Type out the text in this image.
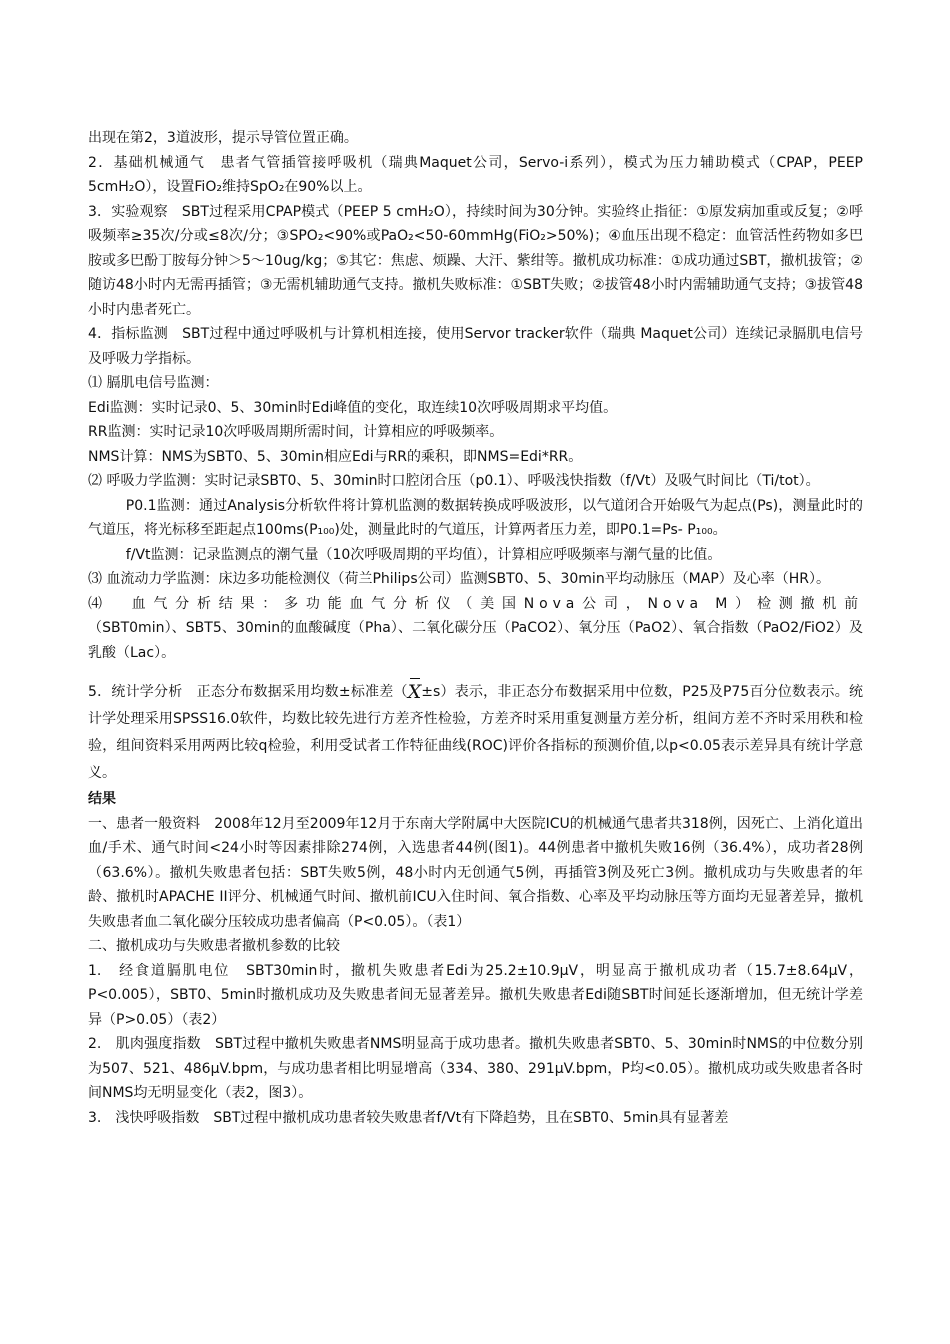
出现在第2，3道波形，提示导管位置正确。

2．基础机械通气　患者气管插管接呼吸机（瑞典Maquet公司，Servo-i系列），模式为压力辅助模式（CPAP，PEEP 5cmH₂O），设置FiO₂维持SpO₂在90%以上。

3．实验观察　SBT过程采用CPAP模式（PEEP 5 cmH₂O），持续时间为30分钟。实验终止指征：①原发病加重或反复；②呼吸频率≥35次/分或≤8次/分；③SPO₂<90%或PaO₂<50-60mmHg(FiO₂>50%)；④血压出现不稳定：血管活性药物如多巴胺或多巴酚丁胺每分钟＞5～10ug/kg；⑤其它：焦虑、烦躁、大汗、紫绀等。撤机成功标准：①成功通过SBT，撤机拔管；②随访48小时内无需再插管；③无需机辅助通气支持。撤机失败标准：①SBT失败；②拔管48小时内需辅助通气支持；③拔管48小时内患者死亡。

4．指标监测　SBT过程中通过呼吸机与计算机相连接，使用Servor tracker软件（瑞典 Maquet公司）连续记录膈肌电信号及呼吸力学指标。

⑴ 膈肌电信号监测：

Edi监测：实时记录0、5、30min时Edi峰值的变化，取连续10次呼吸周期求平均值。

RR监测：实时记录10次呼吸周期所需时间，计算相应的呼吸频率。

NMS计算：NMS为SBT0、5、30min相应Edi与RR的乘积，即NMS=Edi*RR。

⑵ 呼吸力学监测：实时记录SBT0、5、30min时口腔闭合压（p0.1）、呼吸浅快指数（f/Vt）及吸气时间比（Ti/tot）。

P0.1监测：通过Analysis分析软件将计算机监测的数据转换成呼吸波形，以气道闭合开始吸气为起点(Ps)，测量此时的气道压，将光标移至距起点100ms(P₁₀₀)处，测量此时的气道压，计算两者压力差，即P0.1=Ps- P₁₀₀。

f/Vt监测：记录监测点的潮气量（10次呼吸周期的平均值），计算相应呼吸频率与潮气量的比值。

⑶ 血流动力学监测：床边多功能检测仪（荷兰Philips公司）监测SBT0、5、30min平均动脉压（MAP）及心率（HR）。

⑷　血气分析结果：多功能血气分析仪（美国Nova公司，Nova M）检测撤机前（SBT0min）、SBT5、30min的血酸碱度（Pha）、二氧化碳分压（PaCO2）、氧分压（PaO2）、氧合指数（PaO2/FiO2）及乳酸（Lac）。

5．统计学分析　正态分布数据采用均数±标准差（X±s）表示，非正态分布数据采用中位数，P25及P75百分位数表示。统计学处理采用SPSS16.0软件，均数比较先进行方差齐性检验，方差齐时采用重复测量方差分析，组间方差不齐时采用秩和检验，组间资料采用两两比较q检验，利用受试者工作特征曲线(ROC)评价各指标的预测价值,以p<0.05表示差异具有统计学意义。

结果

一、患者一般资料　2008年12月至2009年12月于东南大学附属中大医院ICU的机械通气患者共318例，因死亡、上消化道出血/手术、通气时间<24小时等因素排除274例，入选患者44例(图1)。44例患者中撤机失败16例（36.4%），成功者28例（63.6%）。撤机失败患者包括：SBT失败5例，48小时内无创通气5例，再插管3例及死亡3例。撤机成功与失败患者的年龄、撤机时APACHE II评分、机械通气时间、撤机前ICU入住时间、氧合指数、心率及平均动脉压等方面均无显著差异，撤机失败患者血二氧化碳分压较成功患者偏高（P<0.05）。（表1）

二、撤机成功与失败患者撤机参数的比较

1.　经食道膈肌电位　SBT30min时，撤机失败患者Edi为25.2±10.9μV，明显高于撤机成功者（15.7±8.64μV，P<0.005），SBT0、5min时撤机成功及失败患者间无显著差异。撤机失败患者Edi随SBT时间延长逐渐增加，但无统计学差异（P>0.05）（表2）

2.　肌肉强度指数　SBT过程中撤机失败患者NMS明显高于成功患者。撤机失败患者SBT0、5、30min时NMS的中位数分别为507、521、486μV.bpm，与成功患者相比明显增高（334、380、291μV.bpm，P均<0.05）。撤机成功或失败患者各时间NMS均无明显变化（表2，图3）。

3.　浅快呼吸指数　SBT过程中撤机成功患者较失败患者f/Vt有下降趋势，且在SBT0、5min具有显著差
